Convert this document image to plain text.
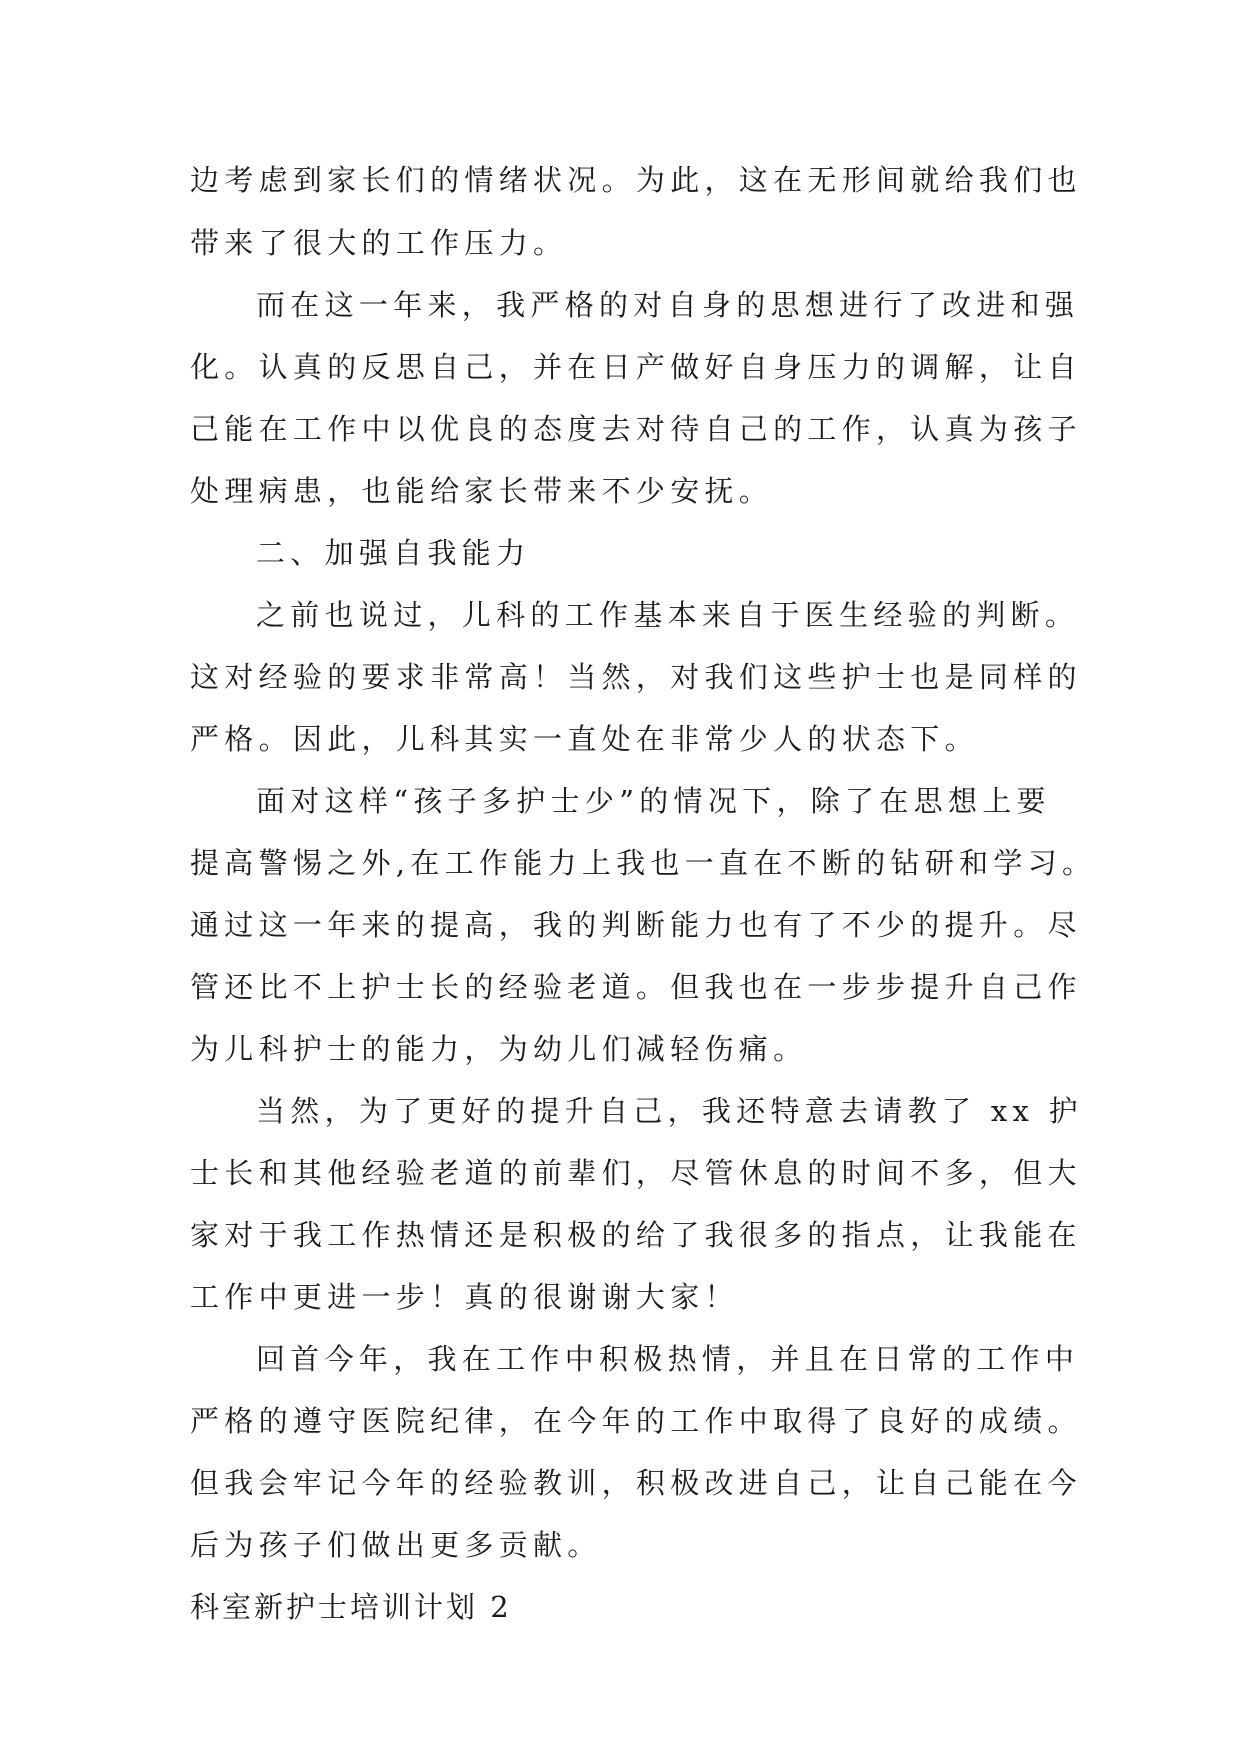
边考虑到家长们的情绪状况。为此，这在无形间就给我们也
带来了很大的工作压力。
而在这一年来，我严格的对自身的思想进行了改进和强
化。认真的反思自己，并在日产做好自身压力的调解，让自
己能在工作中以优良的态度去对待自己的工作，认真为孩子
处理病患，也能给家长带来不少安抚。
二、加强自我能力
之前也说过，儿科的工作基本来自于医生经验的判断。
这对经验的要求非常高！当然，对我们这些护士也是同样的
严格。因此，儿科其实一直处在非常少人的状态下。
面对这样“孩子多护士少”的情况下，除了在思想上要
提高警惕之外,在工作能力上我也一直在不断的钻研和学习。
通过这一年来的提高，我的判断能力也有了不少的提升。尽
管还比不上护士长的经验老道。但我也在一步步提升自己作
为儿科护士的能力，为幼儿们减轻伤痛。
当然，为了更好的提升自己，我还特意去请教了 xx 护
士长和其他经验老道的前辈们，尽管休息的时间不多，但大
家对于我工作热情还是积极的给了我很多的指点，让我能在
工作中更进一步！真的很谢谢大家！
回首今年，我在工作中积极热情，并且在日常的工作中
严格的遵守医院纪律，在今年的工作中取得了良好的成绩。
但我会牢记今年的经验教训，积极改进自己，让自己能在今
后为孩子们做出更多贡献。
科室新护士培训计划 2
